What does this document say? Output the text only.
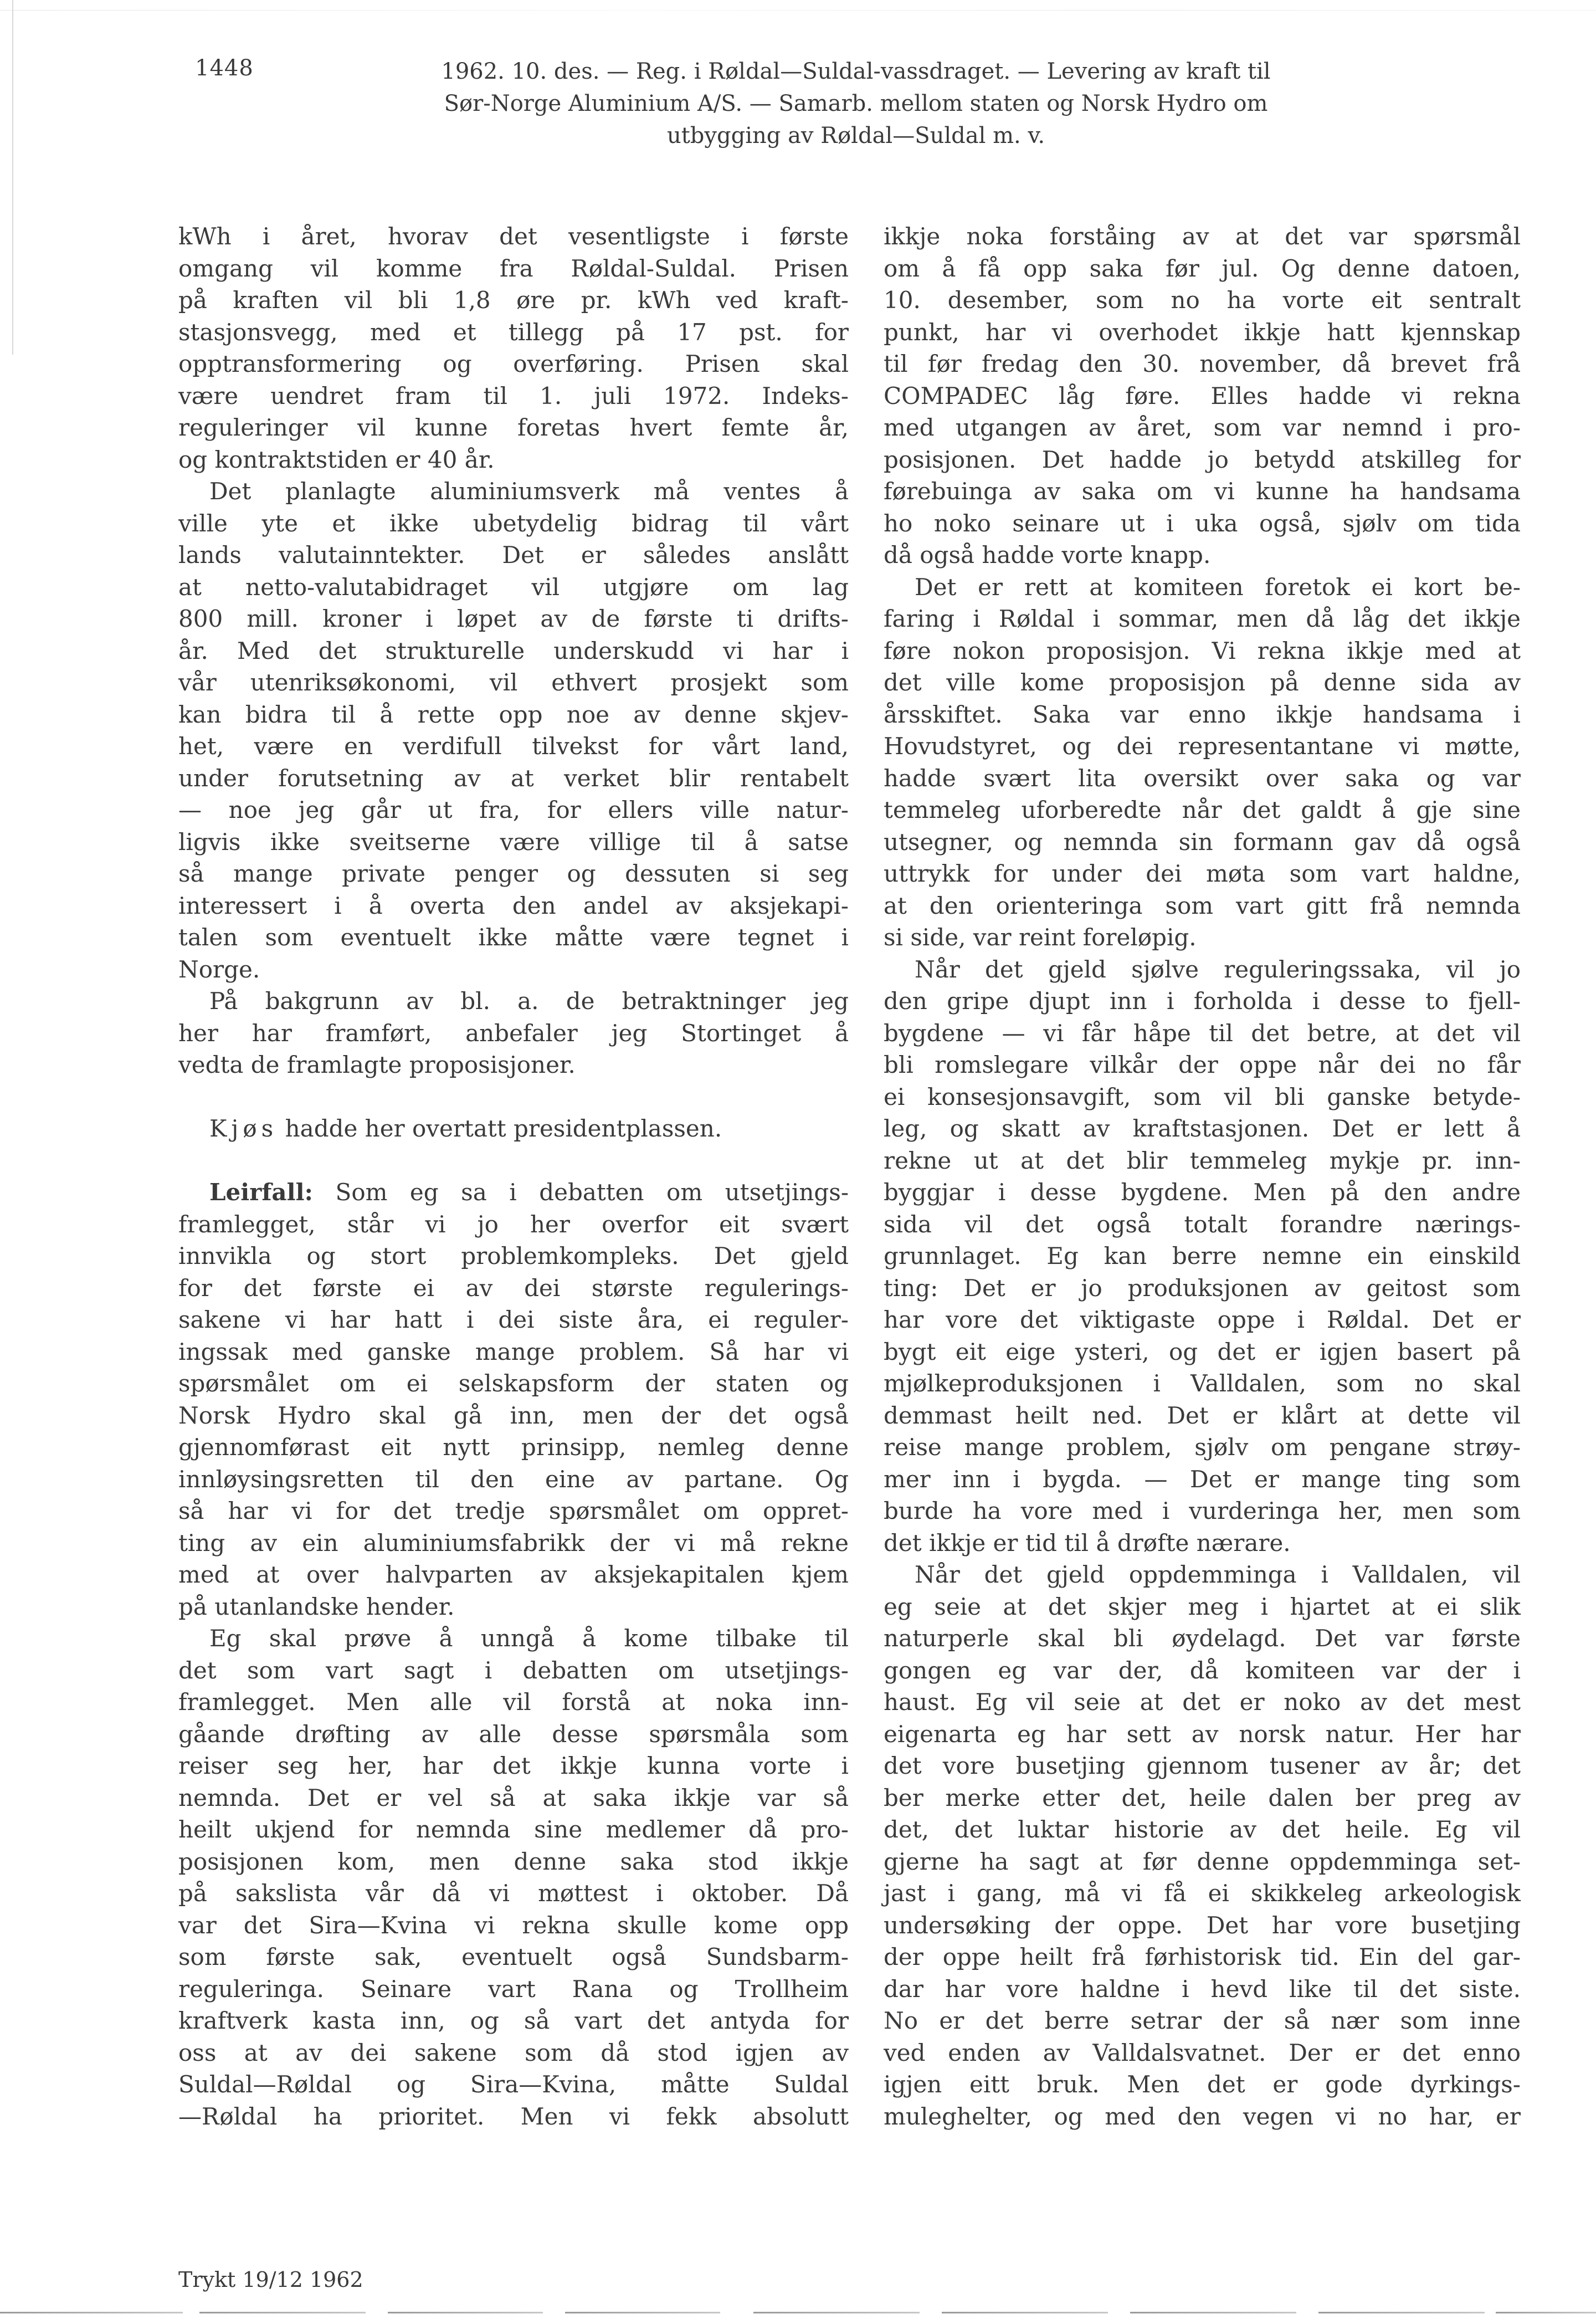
1448	1962. 10. des. — Reg. i Røldal—Suldal-vassdraget. — Levering av kraft til
Sør-Norge Aluminium A/S. — Samarb. mellom staten og Norsk Hydro om
utbygging av Røldal—Suldal m. v.
kWh i året, hvorav det vesentligste i første
omgang vil komme fra Røldal-Suldal. Prisen
på kraften vil bli 1,8 øre pr. kWh ved kraft-
stasjonsvegg, med et tillegg på 17 pst. for
opptransformering og overføring. Prisen skal
være uendret fram til 1. juli 1972. Indeks-
reguleringer vil kunne foretas hvert femte år,
og kontraktstiden er 40 år.
Det planlagte aluminiumsverk må ventes å
ville yte et ikke ubetydelig bidrag til vårt
lands valutainntekter. Det er således anslått
at netto-valutabidraget vil utgjøre om lag
800 mill. kroner i løpet av de første ti drifts-
år. Med det strukturelle underskudd vi har i
vår utenriksøkonomi, vil ethvert prosjekt som
kan bidra til å rette opp noe av denne skjev-
het, være en verdifull tilvekst for vårt land,
under forutsetning av at verket blir rentabelt
— noe jeg går ut fra, for ellers ville natur-
ligvis ikke sveitserne være villige til å satse
så mange private penger og dessuten si seg
interessert i å overta den andel av aksjekapi-
talen som eventuelt ikke måtte være tegnet i
Norge.
På bakgrunn av bl. a. de betraktninger jeg
her har framført, anbefaler jeg Stortinget å
vedta de framlagte proposisjoner.
Kjøs hadde her overtatt presidentplassen.
Leirfall: Som eg sa i debatten om utsetjings-
framlegget, står vi jo her overfor eit svært
innvikla og stort problemkompleks. Det gjeld
for det første ei av dei største regulerings-
sakene vi har hatt i dei siste åra, ei reguler-
ingssak med ganske mange problem. Så har vi
spørsmålet om ei selskapsform der staten og
Norsk Hydro skal gå inn, men der det også
gjennomførast eit nytt prinsipp, nemleg denne
innløysingsretten til den eine av partane. Og
så har vi for det tredje spørsmålet om oppret-
ting av ein aluminiumsfabrikk der vi må rekne
med at over halvparten av aksjekapitalen kjem
på utanlandske hender.
Eg skal prøve å unngå å kome tilbake til
det som vart sagt i debatten om utsetjings-
framlegget. Men alle vil forstå at noka inn-
gåande drøfting av alle desse spørsmåla som
reiser seg her, har det ikkje kunna vorte i
nemnda. Det er vel så at saka ikkje var så
heilt ukjend for nemnda sine medlemer då pro-
posisjonen kom, men denne saka stod ikkje
på sakslista vår då vi møttest i oktober. Då
var det Sira—Kvina vi rekna skulle kome opp
som første sak, eventuelt også Sundsbarm-
reguleringa. Seinare vart Rana og Trollheim
kraftverk kasta inn, og så vart det antyda for
oss at av dei sakene som då stod igjen av
Suldal—Røldal og Sira—Kvina, måtte Suldal
—Røldal ha prioritet. Men vi fekk absolutt
ikkje noka forståing av at det var spørsmål
om å få opp saka før jul. Og denne datoen,
10. desember, som no ha vorte eit sentralt
punkt, har vi overhodet ikkje hatt kjennskap
til før fredag den 30. november, då brevet frå
COMPADEC låg føre. Elles hadde vi rekna
med utgangen av året, som var nemnd i pro-
posisjonen. Det hadde jo betydd atskilleg for
førebuinga av saka om vi kunne ha handsama
ho noko seinare ut i uka også, sjølv om tida
då også hadde vorte knapp.
Det er rett at komiteen foretok ei kort be-
faring i Røldal i sommar, men då låg det ikkje
føre nokon proposisjon. Vi rekna ikkje med at
det ville kome proposisjon på denne sida av
årsskiftet. Saka var enno ikkje handsama i
Hovudstyret, og dei representantane vi møtte,
hadde svært lita oversikt over saka og var
temmeleg uforberedte når det galdt å gje sine
utsegner, og nemnda sin formann gav då også
uttrykk for under dei møta som vart haldne,
at den orienteringa som vart gitt frå nemnda
si side, var reint foreløpig.
Når det gjeld sjølve reguleringssaka, vil jo
den gripe djupt inn i forholda i desse to fjell-
bygdene — vi får håpe til det betre, at det vil
bli romslegare vilkår der oppe når dei no får
ei konsesjonsavgift, som vil bli ganske betyde-
leg, og skatt av kraftstasjonen. Det er lett å
rekne ut at det blir temmeleg mykje pr. inn-
byggjar i desse bygdene. Men på den andre
sida vil det også totalt forandre nærings-
grunnlaget. Eg kan berre nemne ein einskild
ting: Det er jo produksjonen av geitost som
har vore det viktigaste oppe i Røldal. Det er
bygt eit eige ysteri, og det er igjen basert på
mjølkeproduksjonen i Valldalen, som no skal
demmast heilt ned. Det er klårt at dette vil
reise mange problem, sjølv om pengane strøy-
mer inn i bygda. — Det er mange ting som
burde ha vore med i vurderinga her, men som
det ikkje er tid til å drøfte nærare.
Når det gjeld oppdemminga i Valldalen, vil
eg seie at det skjer meg i hjartet at ei slik
naturperle skal bli øydelagd. Det var første
gongen eg var der, då komiteen var der i
haust. Eg vil seie at det er noko av det mest
eigenarta eg har sett av norsk natur. Her har
det vore busetjing gjennom tusener av år; det
ber merke etter det, heile dalen ber preg av
det, det luktar historie av det heile. Eg vil
gjerne ha sagt at før denne oppdemminga set-
jast i gang, må vi få ei skikkeleg arkeologisk
undersøking der oppe. Det har vore busetjing
der oppe heilt frå førhistorisk tid. Ein del gar-
dar har vore haldne i hevd like til det siste.
No er det berre setrar der så nær som inne
ved enden av Valldalsvatnet. Der er det enno
igjen eitt bruk. Men det er gode dyrkings-
muleghelter, og med den vegen vi no har, er
Trykt 19/12 1962
